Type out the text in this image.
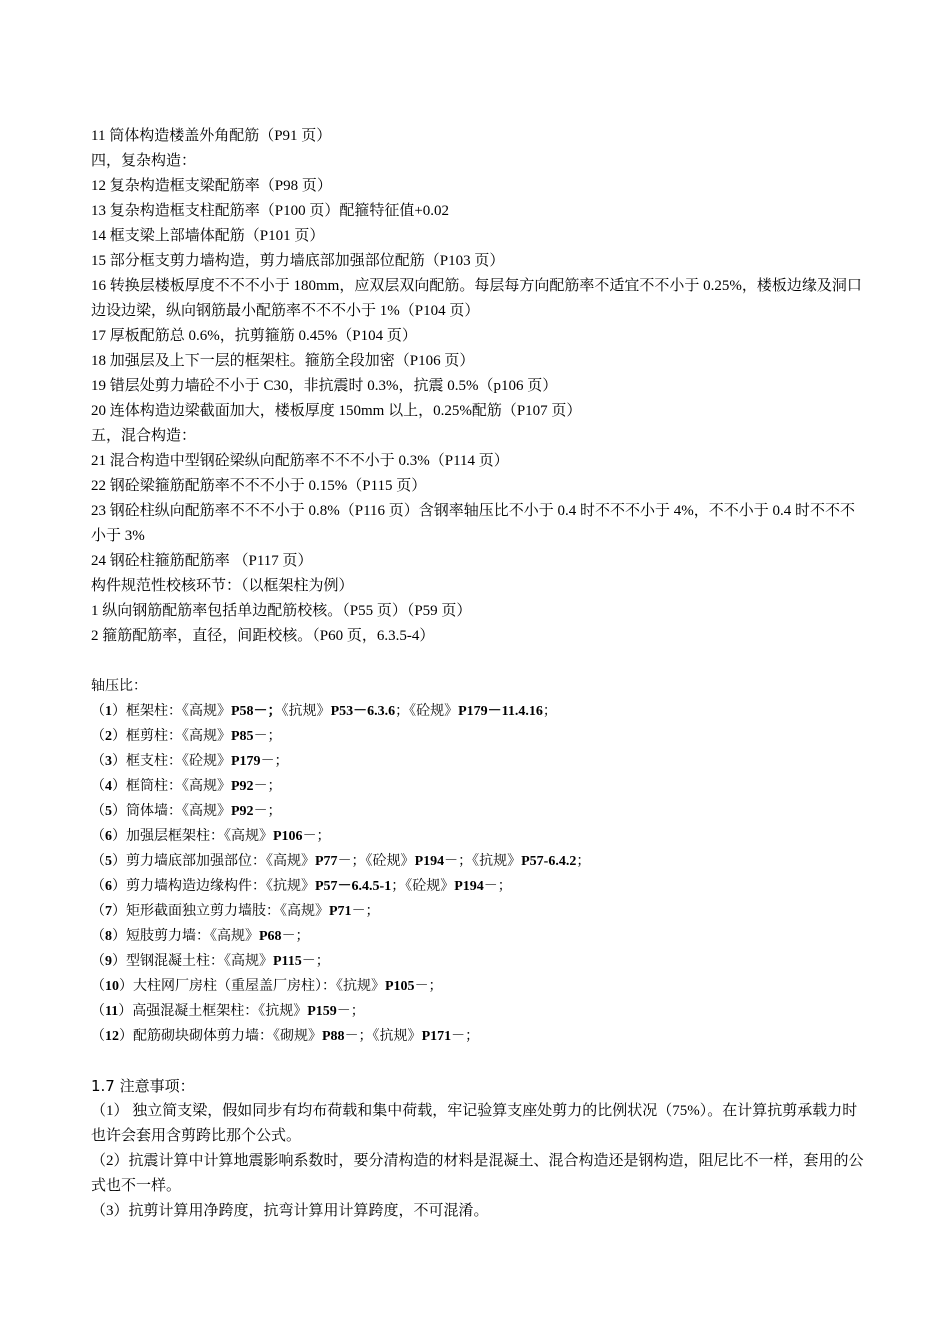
11 筒体构造楼盖外角配筋（P91 页）

四，复杂构造：

12 复杂构造框支梁配筋率（P98 页）

13 复杂构造框支柱配筋率（P100 页）配箍特征值+0.02

14 框支梁上部墙体配筋（P101 页）

15 部分框支剪力墙构造，剪力墙底部加强部位配筋（P103 页）

16 转换层楼板厚度不不不小于 180mm，应双层双向配筋。每层每方向配筋率不适宜不不小于 0.25%，楼板边缘及洞口边设边梁，纵向钢筋最小配筋率不不不小于 1%（P104 页）

17 厚板配筋总 0.6%，抗剪箍筋 0.45%（P104 页）

18 加强层及上下一层的框架柱。箍筋全段加密（P106 页）

19 错层处剪力墙砼不小于 C30，非抗震时 0.3%，抗震 0.5%（p106 页）

20 连体构造边梁截面加大，楼板厚度 150mm 以上，0.25%配筋（P107 页）

五，混合构造：

21 混合构造中型钢砼梁纵向配筋率不不不小于 0.3%（P114 页）

22 钢砼梁箍筋配筋率不不不小于 0.15%（P115 页）

23 钢砼柱纵向配筋率不不不小于 0.8%（P116 页）含钢率轴压比不小于 0.4 时不不不小于 4%，不不小于 0.4 时不不不小于 3%

24 钢砼柱箍筋配筋率 （P117 页）

构件规范性校核环节：（以框架柱为例）

1 纵向钢筋配筋率包括单边配筋校核。（P55 页）（P59 页）

2 箍筋配筋率，直径，间距校核。（P60 页，6.3.5-4）

轴压比：

（1）框架柱：《高规》P58－；《抗规》P53－6.3.6；《砼规》P179－11.4.16；

（2）框剪柱：《高规》P85－；

（3）框支柱：《砼规》P179－；

（4）框筒柱：《高规》P92－；

（5）筒体墙：《高规》P92－；

（6）加强层框架柱：《高规》P106－；

（5）剪力墙底部加强部位：《高规》P77－；《砼规》P194－；《抗规》P57-6.4.2；

（6）剪力墙构造边缘构件：《抗规》P57－6.4.5-1；《砼规》P194－；

（7）矩形截面独立剪力墙肢：《高规》P71－；

（8）短肢剪力墙：《高规》P68－；

（9）型钢混凝土柱：《高规》P115－；

（10）大柱网厂房柱（重屋盖厂房柱）：《抗规》P105－；

（11）高强混凝土框架柱：《抗规》P159－；

（12）配筋砌块砌体剪力墙：《砌规》P88－；《抗规》P171－；

1.7 注意事项：

（1） 独立简支梁，假如同步有均布荷载和集中荷载，牢记验算支座处剪力的比例状况（75%）。在计算抗剪承载力时也许会套用含剪跨比那个公式。

（2）抗震计算中计算地震影响系数时，要分清构造的材料是混凝土、混合构造还是钢构造，阻尼比不一样，套用的公式也不一样。

（3）抗剪计算用净跨度，抗弯计算用计算跨度，不可混淆。
